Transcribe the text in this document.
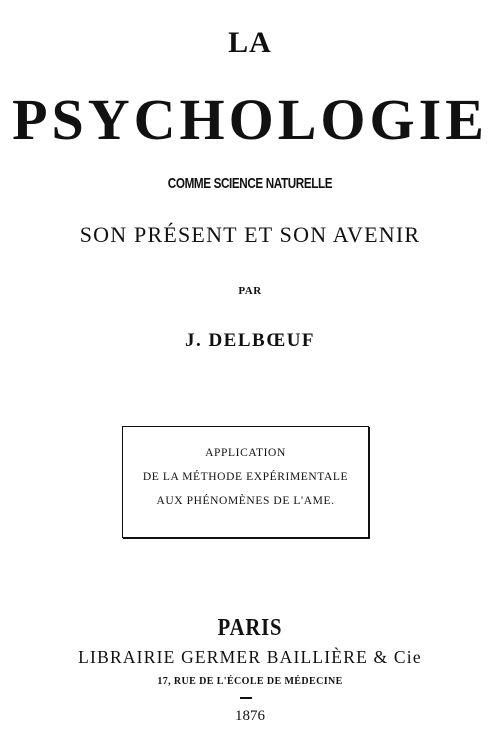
LA
PSYCHOLOGIE
COMME SCIENCE NATURELLE
SON PRÉSENT ET SON AVENIR
PAR
J. DELBŒUF
APPLICATION
DE LA MÉTHODE EXPÉRIMENTALE
AUX PHÉNOMÈNES DE L'AME.
PARIS
LIBRAIRIE GERMER BAILLIÈRE & Cie
17, RUE DE L'ÉCOLE DE MÉDECINE
1876
